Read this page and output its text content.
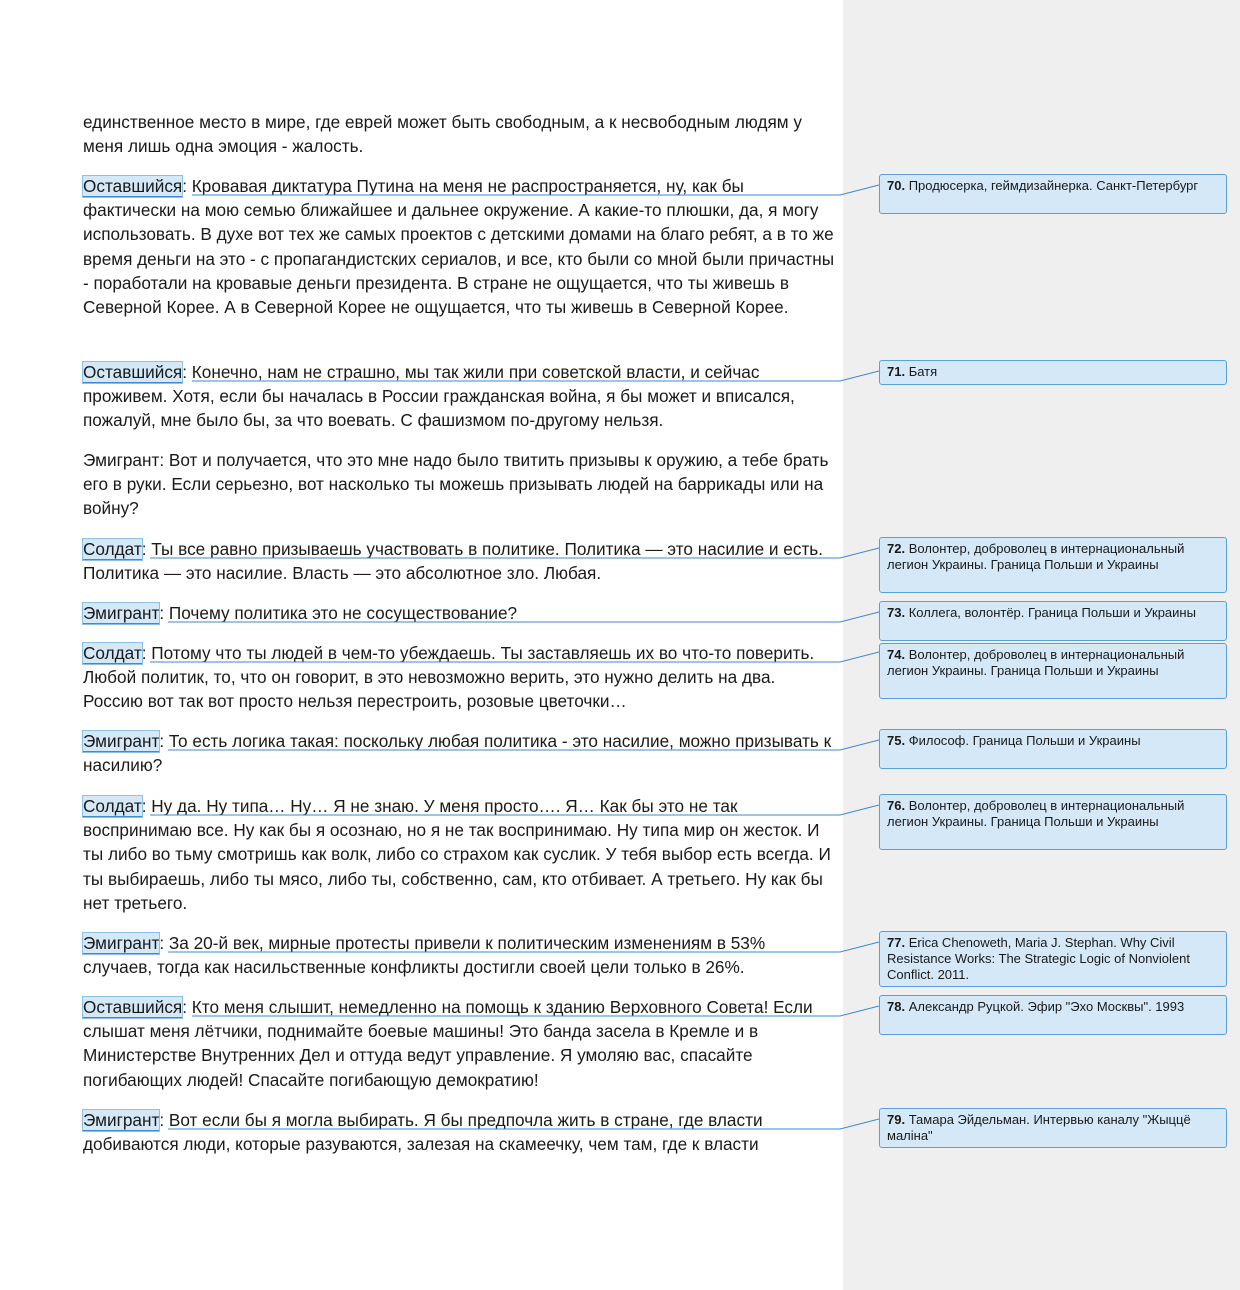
единственное место в мире, где еврей может быть свободным, а к несвободным людям у меня лишь одна эмоция - жалость.

Оставшийся: Кровавая диктатура Путина на меня не распространяется, ну, как бы фактически на мою семью ближайшее и дальнее окружение. А какие-то плюшки, да, я могу использовать. В духе вот тех же самых проектов с детскими домами на благо ребят, а в то же время деньги на это - с пропагандистских сериалов, и все, кто были со мной были причастны - поработали на кровавые деньги президента. В стране не ощущается, что ты живешь в Северной Корее. А в Северной Корее не ощущается, что ты живешь в Северной Корее.

Оставшийся: Конечно, нам не страшно, мы так жили при советской власти, и сейчас проживем. Хотя, если бы началась в России гражданская война, я бы может и вписался, пожалуй, мне было бы, за что воевать. С фашизмом по-другому нельзя.

Эмигрант: Вот и получается, что это мне надо было твитить призывы к оружию, а тебе брать его в руки. Если серьезно, вот насколько ты можешь призывать людей на баррикады или на войну?

Солдат: Ты все равно призываешь участвовать в политике. Политика — это насилие и есть. Политика — это насилие. Власть — это абсолютное зло. Любая.

Эмигрант: Почему политика это не сосуществование?

Солдат: Потому что ты людей в чем-то убеждаешь. Ты заставляешь их во что-то поверить. Любой политик, то, что он говорит, в это невозможно верить, это нужно делить на два. Россию вот так вот просто нельзя перестроить, розовые цветочки…

Эмигрант: То есть логика такая: поскольку любая политика - это насилие, можно призывать к насилию?

Солдат: Ну да. Ну типа… Ну… Я не знаю. У меня просто…. Я… Как бы это не так воспринимаю все. Ну как бы я осознаю, но я не так воспринимаю. Ну типа мир он жесток. И ты либо во тьму смотришь как волк, либо со страхом как суслик. У тебя выбор есть всегда. И ты выбираешь, либо ты мясо, либо ты, собственно, сам, кто отбивает. А третьего. Ну как бы нет третьего.

Эмигрант: За 20-й век, мирные протесты привели к политическим изменениям в 53% случаев, тогда как насильственные конфликты достигли своей цели только в 26%.

Оставшийся: Кто меня слышит, немедленно на помощь к зданию Верховного Совета! Если слышат меня лётчики, поднимайте боевые машины! Это банда засела в Кремле и в Министерстве Внутренних Дел и оттуда ведут управление. Я умоляю вас, спасайте погибающих людей! Спасайте погибающую демократию!

Эмигрант: Вот если бы я могла выбирать. Я бы предпочла жить в стране, где власти добиваются люди, которые разуваются, залезая на скамеечку, чем там, где к власти

70. Продюсерка, геймдизайнерка. Санкт-Петербург
71. Батя
72. Волонтер, доброволец в интернациональный легион Украины. Граница Польши и Украины
73. Коллега, волонтёр. Граница Польши и Украины
74. Волонтер, доброволец в интернациональный легион Украины. Граница Польши и Украины
75. Философ. Граница Польши и Украины
76. Волонтер, доброволец в интернациональный легион Украины. Граница Польши и Украины
77. Erica Chenoweth, Maria J. Stephan. Why Civil Resistance Works: The Strategic Logic of Nonviolent Conflict. 2011.
78. Александр Руцкой. Эфир "Эхо Москвы". 1993
79. Тамара Эйдельман. Интервью каналу "Жыццё маліна"
